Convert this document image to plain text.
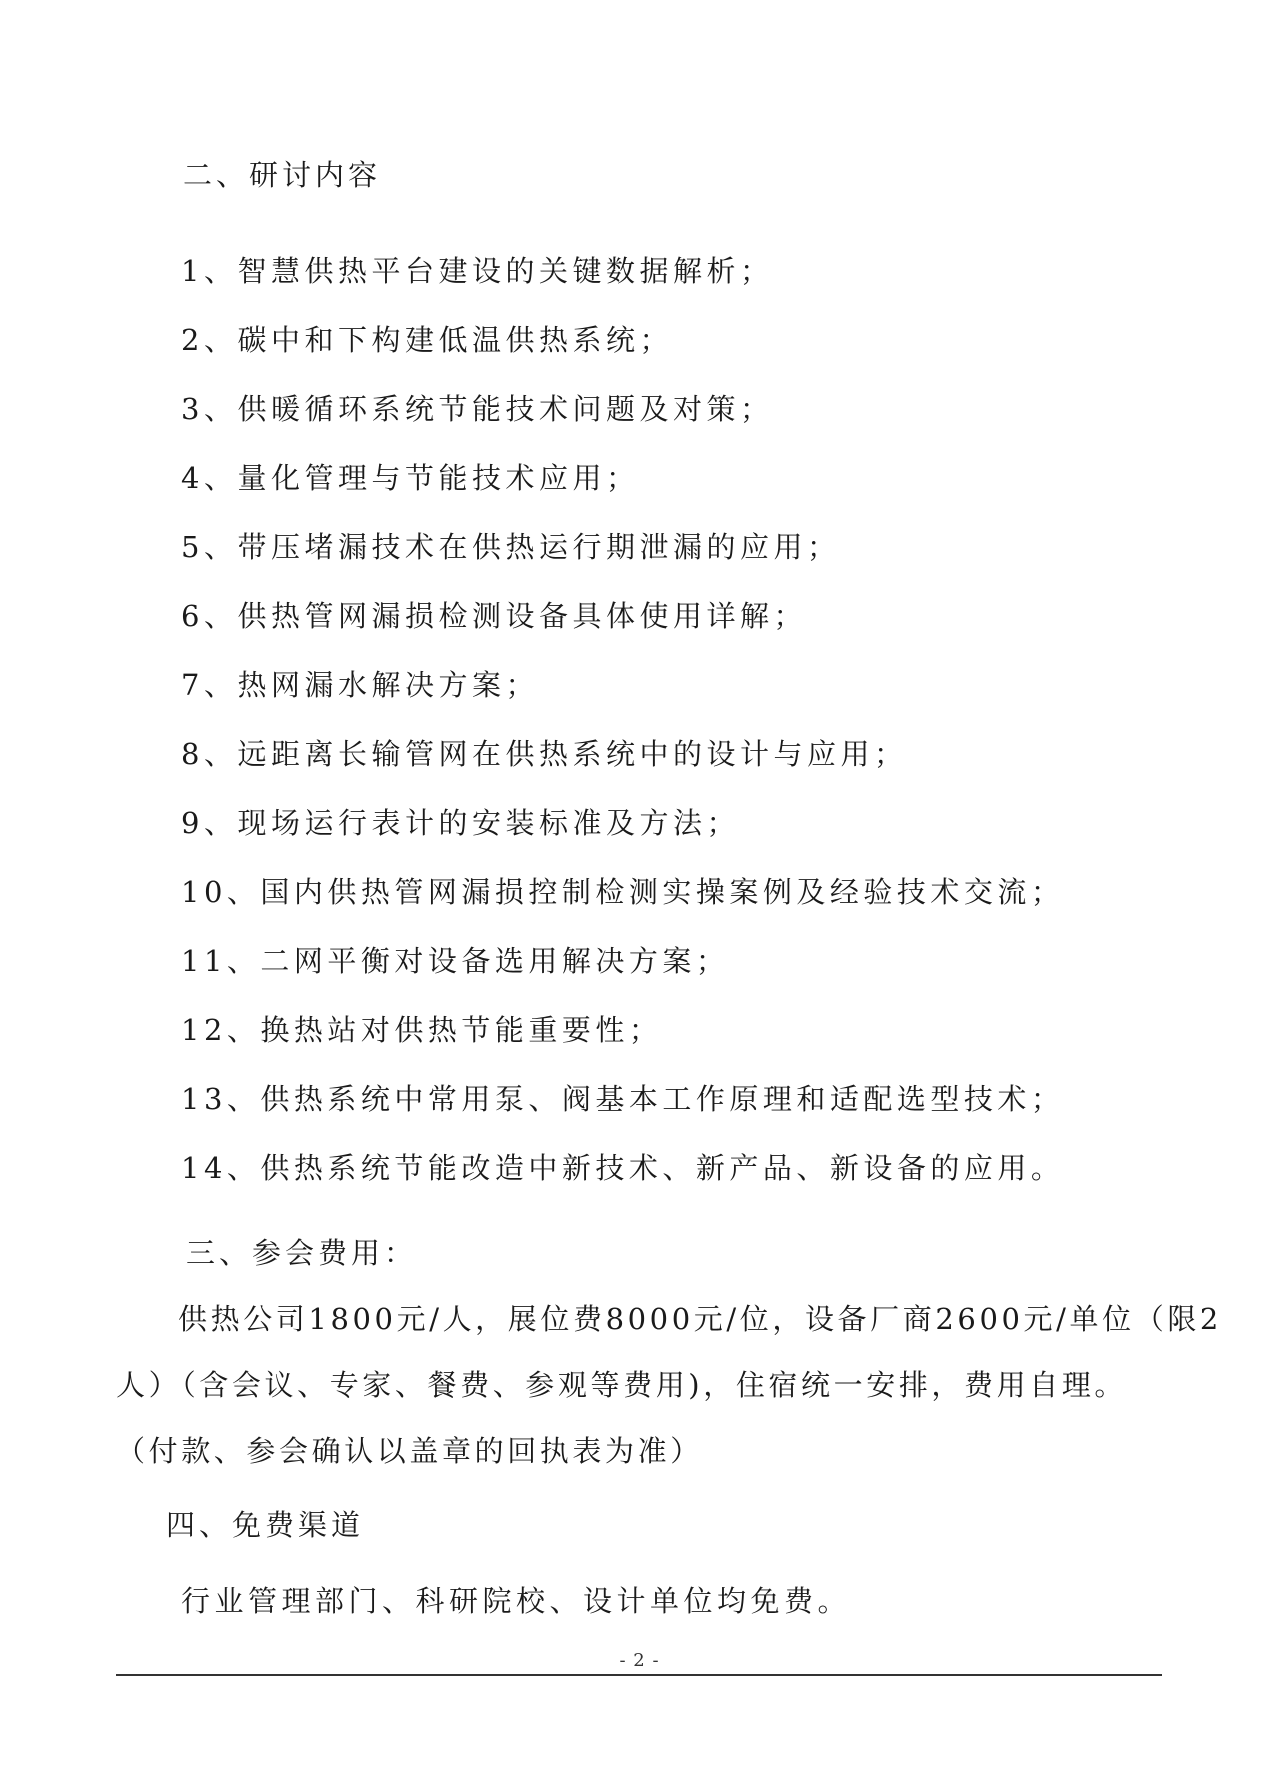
二、研讨内容
1、智慧供热平台建设的关键数据解析；
2、碳中和下构建低温供热系统；
3、供暖循环系统节能技术问题及对策；
4、量化管理与节能技术应用；
5、带压堵漏技术在供热运行期泄漏的应用；
6、供热管网漏损检测设备具体使用详解；
7、热网漏水解决方案；
8、远距离长输管网在供热系统中的设计与应用；
9、现场运行表计的安装标准及方法；
10、国内供热管网漏损控制检测实操案例及经验技术交流；
11、二网平衡对设备选用解决方案；
12、换热站对供热节能重要性；
13、供热系统中常用泵、阀基本工作原理和适配选型技术；
14、供热系统节能改造中新技术、新产品、新设备的应用。
三、参会费用：
供热公司1800元/人，展位费8000元/位，设备厂商2600元/单位（限2
人）（含会议、专家、餐费、参观等费用)，住宿统一安排，费用自理。
（付款、参会确认以盖章的回执表为准）
四、免费渠道
行业管理部门、科研院校、设计单位均免费。
- 2 -
